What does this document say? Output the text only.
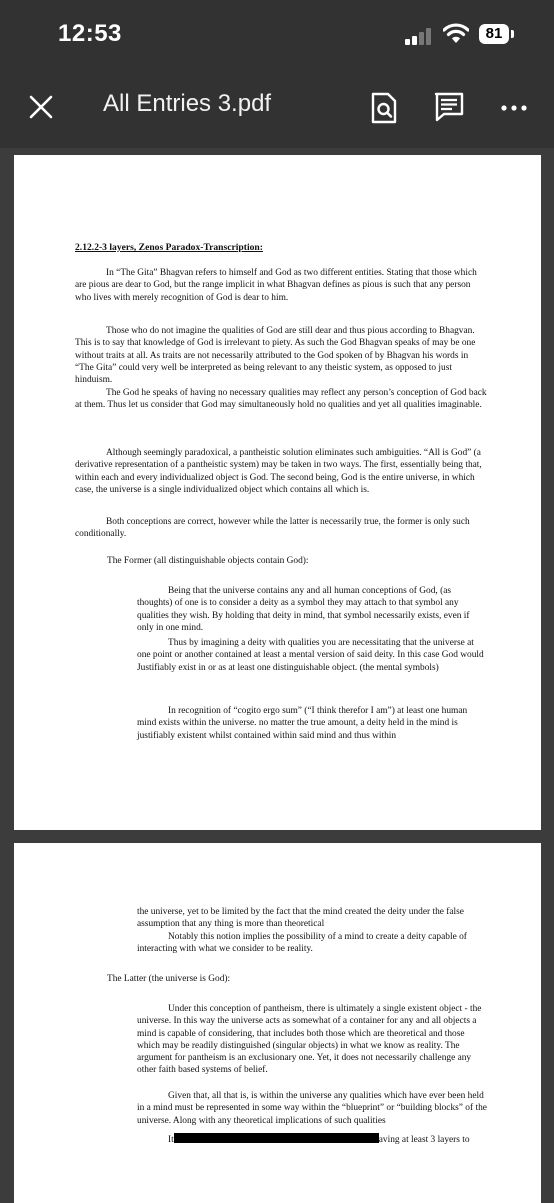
12:53	81
All Entries 3.pdf
2.12.2-3 layers, Zenos Paradox-Transcription:

In “The Gita” Bhagvan refers to himself and God as two different entities. Stating that those which are pious are dear to God, but the range implicit in what Bhagvan defines as pious is such that any person who lives with merely recognition of God is dear to him.

Those who do not imagine the qualities of God are still dear and thus pious according to Bhagvan. This is to say that knowledge of God is irrelevant to piety. As such the God Bhagvan speaks of may be one without traits at all. As traits are not necessarily attributed to the God spoken of by Bhagvan his words in “The Gita” could very well be interpreted as being relevant to any theistic system, as opposed to just hinduism.

The God he speaks of having no necessary qualities may reflect any person’s conception of God back at them. Thus let us consider that God may simultaneously hold no qualities and yet all qualities imaginable.

Although seemingly paradoxical, a pantheistic solution eliminates such ambiguities. “All is God” (a derivative representation of a pantheistic system) may be taken in two ways. The first, essentially being that, within each and every individualized object is God. The second being, God is the entire universe, in which case, the universe is a single individualized object which contains all which is.

Both conceptions are correct, however while the latter is necessarily true, the former is only such conditionally.

The Former (all distinguishable objects contain God):

Being that the universe contains any and all human conceptions of God, (as thoughts) of one is to consider a deity as a symbol they may attach to that symbol any qualities they wish. By holding that deity in mind, that symbol necessarily exists, even if only in one mind.

Thus by imagining a deity with qualities you are necessitating that the universe at one point or another contained at least a mental version of said deity. In this case God would Justifiably exist in or as at least one distinguishable object. (the mental symbols)

In recognition of “cogito ergo sum” (“I think therefor I am”) at least one human mind exists within the universe. no matter the true amount, a deity held in the mind is justifiably existent whilst contained within said mind and thus within

the universe, yet to be limited by the fact that the mind created the deity under the false assumption that any thing is more than theoretical

Notably this notion implies the possibility of a mind to create a deity capable of interacting with what we consider to be reality.

The Latter (the universe is God):

Under this conception of pantheism, there is ultimately a single existent object - the universe. In this way the universe acts as somewhat of a container for any and all objects a mind is capable of considering, that includes both those which are theoretical and those which may be readily distinguished (singular objects) in what we know as reality. The argument for pantheism is an exclusionary one. Yet, it does not necessarily challenge any other faith based systems of belief.

Given that, all that is, is within the universe any qualities which have ever been held in a mind must be represented in some way within the “blueprint” or “building blocks” of the universe. Along with any theoretical implications of such qualities

It	aving at least 3 layers to
